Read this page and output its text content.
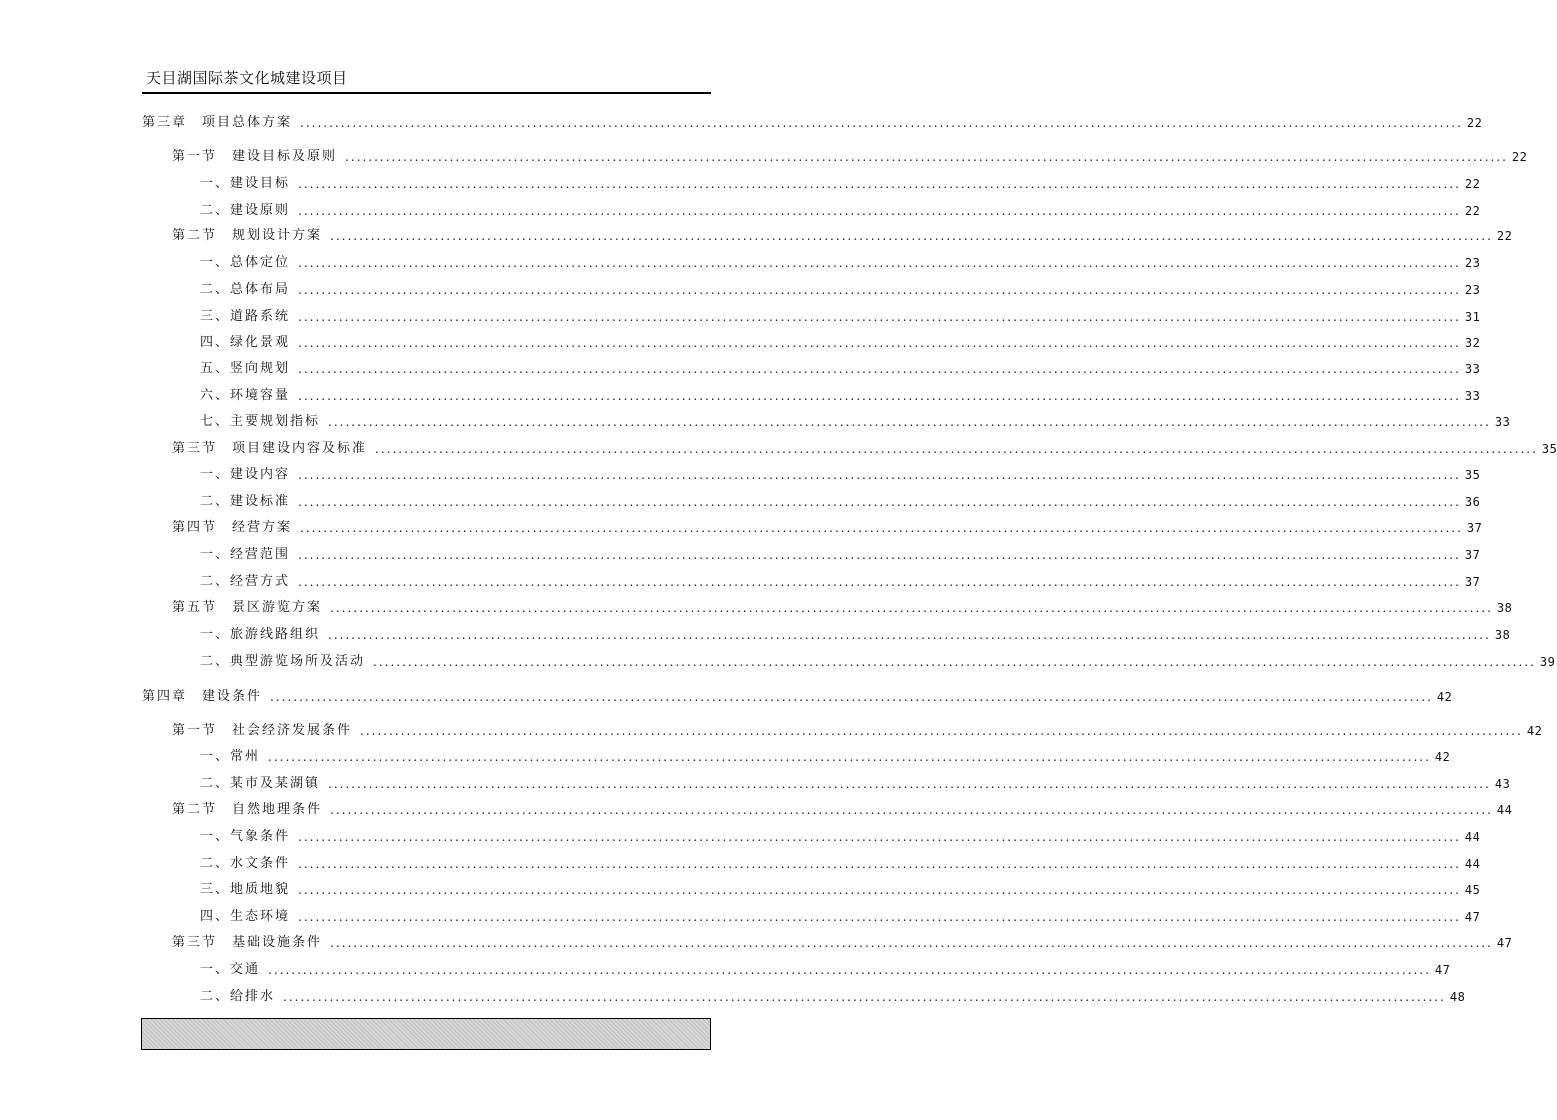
天目湖国际茶文化城建设项目
第三章　项目总体方案 ........................................................................................................................................................................................................ 22
第一节　建设目标及原则 ........................................................................................................................................................................................................ 22
一、建设目标 ........................................................................................................................................................................................................ 22
二、建设原则 ........................................................................................................................................................................................................ 22
第二节　规划设计方案 ........................................................................................................................................................................................................ 22
一、总体定位 ........................................................................................................................................................................................................ 23
二、总体布局 ........................................................................................................................................................................................................ 23
三、道路系统 ........................................................................................................................................................................................................ 31
四、绿化景观 ........................................................................................................................................................................................................ 32
五、竖向规划 ........................................................................................................................................................................................................ 33
六、环境容量 ........................................................................................................................................................................................................ 33
七、主要规划指标 ........................................................................................................................................................................................................ 33
第三节　项目建设内容及标准 ........................................................................................................................................................................................................ 35
一、建设内容 ........................................................................................................................................................................................................ 35
二、建设标准 ........................................................................................................................................................................................................ 36
第四节　经营方案 ........................................................................................................................................................................................................ 37
一、经营范围 ........................................................................................................................................................................................................ 37
二、经营方式 ........................................................................................................................................................................................................ 37
第五节　景区游览方案 ........................................................................................................................................................................................................ 38
一、旅游线路组织 ........................................................................................................................................................................................................ 38
二、典型游览场所及活动 ........................................................................................................................................................................................................ 39
第四章　建设条件 ........................................................................................................................................................................................................ 42
第一节　社会经济发展条件 ........................................................................................................................................................................................................ 42
一、常州 ........................................................................................................................................................................................................ 42
二、某市及某湖镇 ........................................................................................................................................................................................................ 43
第二节　自然地理条件 ........................................................................................................................................................................................................ 44
一、气象条件 ........................................................................................................................................................................................................ 44
二、水文条件 ........................................................................................................................................................................................................ 44
三、地质地貌 ........................................................................................................................................................................................................ 45
四、生态环境 ........................................................................................................................................................................................................ 47
第三节　基础设施条件 ........................................................................................................................................................................................................ 47
一、交通 ........................................................................................................................................................................................................ 47
二、给排水 ........................................................................................................................................................................................................ 48
